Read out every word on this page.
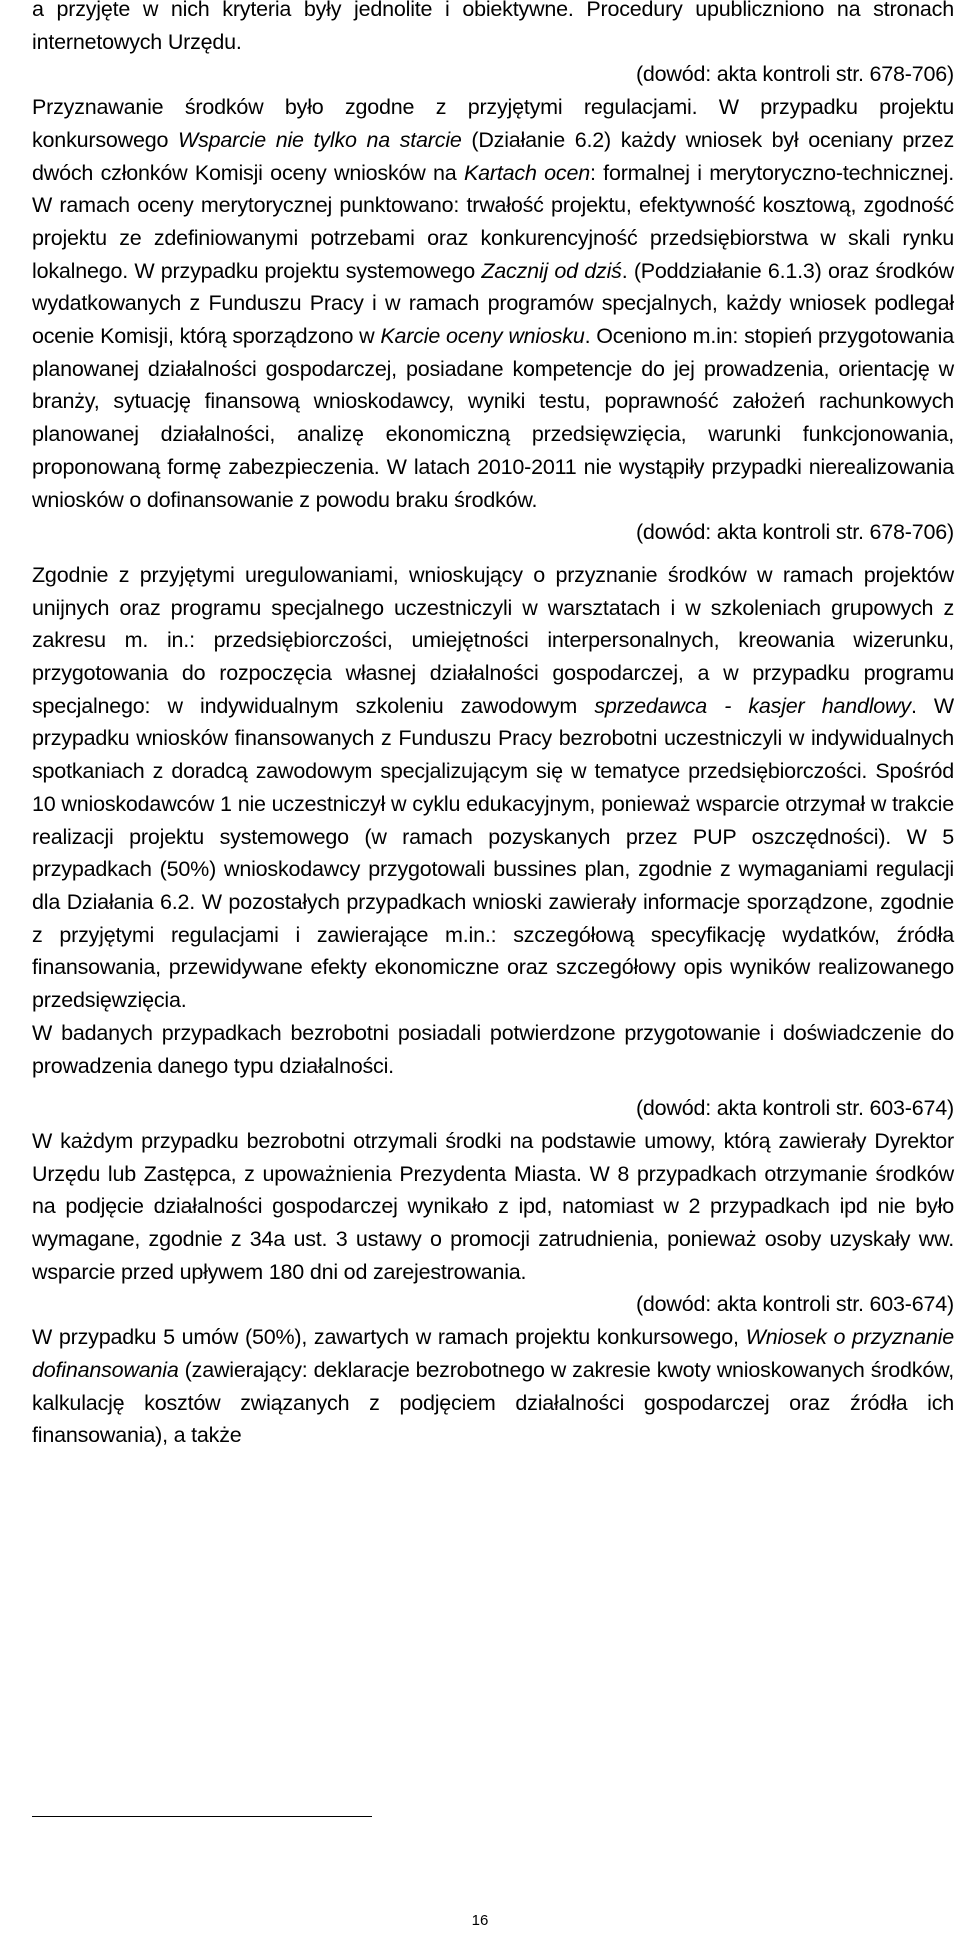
a przyjęte w nich kryteria były jednolite i obiektywne. Procedury upubliczniono na stronach internetowych Urzędu.

(dowód: akta kontroli str. 678-706)

Przyznawanie środków było zgodne z przyjętymi regulacjami. W przypadku projektu konkursowego Wsparcie nie tylko na starcie (Działanie 6.2) każdy wniosek był oceniany przez dwóch członków Komisji oceny wniosków na Kartach ocen: formalnej i merytoryczno-technicznej. W ramach oceny merytorycznej punktowano: trwałość projektu, efektywność kosztową, zgodność projektu ze zdefiniowanymi potrzebami oraz konkurencyjność przedsiębiorstwa w skali rynku lokalnego. W przypadku projektu systemowego Zacznij od dziś. (Poddziałanie 6.1.3) oraz środków wydatkowanych z Funduszu Pracy i w ramach programów specjalnych, każdy wniosek podlegał ocenie Komisji, którą sporządzono w Karcie oceny wniosku. Oceniono m.in: stopień przygotowania planowanej działalności gospodarczej, posiadane kompetencje do jej prowadzenia, orientację w branży, sytuację finansową wnioskodawcy, wyniki testu, poprawność założeń rachunkowych planowanej działalności, analizę ekonomiczną przedsięwzięcia, warunki funkcjonowania, proponowaną formę zabezpieczenia. W latach 2010-2011 nie wystąpiły przypadki nierealizowania wniosków o dofinansowanie z powodu braku środków.

(dowód: akta kontroli str. 678-706)

Zgodnie z przyjętymi uregulowaniami, wnioskujący o przyznanie środków w ramach projektów unijnych oraz programu specjalnego uczestniczyli w warsztatach i w szkoleniach grupowych z zakresu m. in.: przedsiębiorczości, umiejętności interpersonalnych, kreowania wizerunku, przygotowania do rozpoczęcia własnej działalności gospodarczej, a w przypadku programu specjalnego: w indywidualnym szkoleniu zawodowym sprzedawca - kasjer handlowy. W przypadku wniosków finansowanych z Funduszu Pracy bezrobotni uczestniczyli w indywidualnych spotkaniach z doradcą zawodowym specjalizującym się w tematyce przedsiębiorczości. Spośród 10 wnioskodawców 1 nie uczestniczył w cyklu edukacyjnym, ponieważ wsparcie otrzymał w trakcie realizacji projektu systemowego (w ramach pozyskanych przez PUP oszczędności). W 5 przypadkach (50%) wnioskodawcy przygotowali bussines plan, zgodnie z wymaganiami regulacji dla Działania 6.2. W pozostałych przypadkach wnioski zawierały informacje sporządzone, zgodnie z przyjętymi regulacjami i zawierające m.in.: szczegółową specyfikację wydatków, źródła finansowania, przewidywane efekty ekonomiczne oraz szczegółowy opis wyników realizowanego przedsięwzięcia.

W badanych przypadkach bezrobotni posiadali potwierdzone przygotowanie i doświadczenie do prowadzenia danego typu działalności.

(dowód: akta kontroli str. 603-674)

W każdym przypadku bezrobotni otrzymali środki na podstawie umowy, którą zawierały Dyrektor Urzędu lub Zastępca, z upoważnienia Prezydenta Miasta. W 8 przypadkach otrzymanie środków na podjęcie działalności gospodarczej wynikało z ipd, natomiast w 2 przypadkach ipd nie było wymagane, zgodnie z 34a ust. 3 ustawy o promocji zatrudnienia, ponieważ osoby uzyskały ww. wsparcie przed upływem 180 dni od zarejestrowania.

(dowód: akta kontroli str. 603-674)

W przypadku 5 umów (50%), zawartych w ramach projektu konkursowego, Wniosek o przyznanie dofinansowania (zawierający: deklaracje bezrobotnego w zakresie kwoty wnioskowanych środków, kalkulację kosztów związanych z podjęciem działalności gospodarczej oraz źródła ich finansowania), a także

16
